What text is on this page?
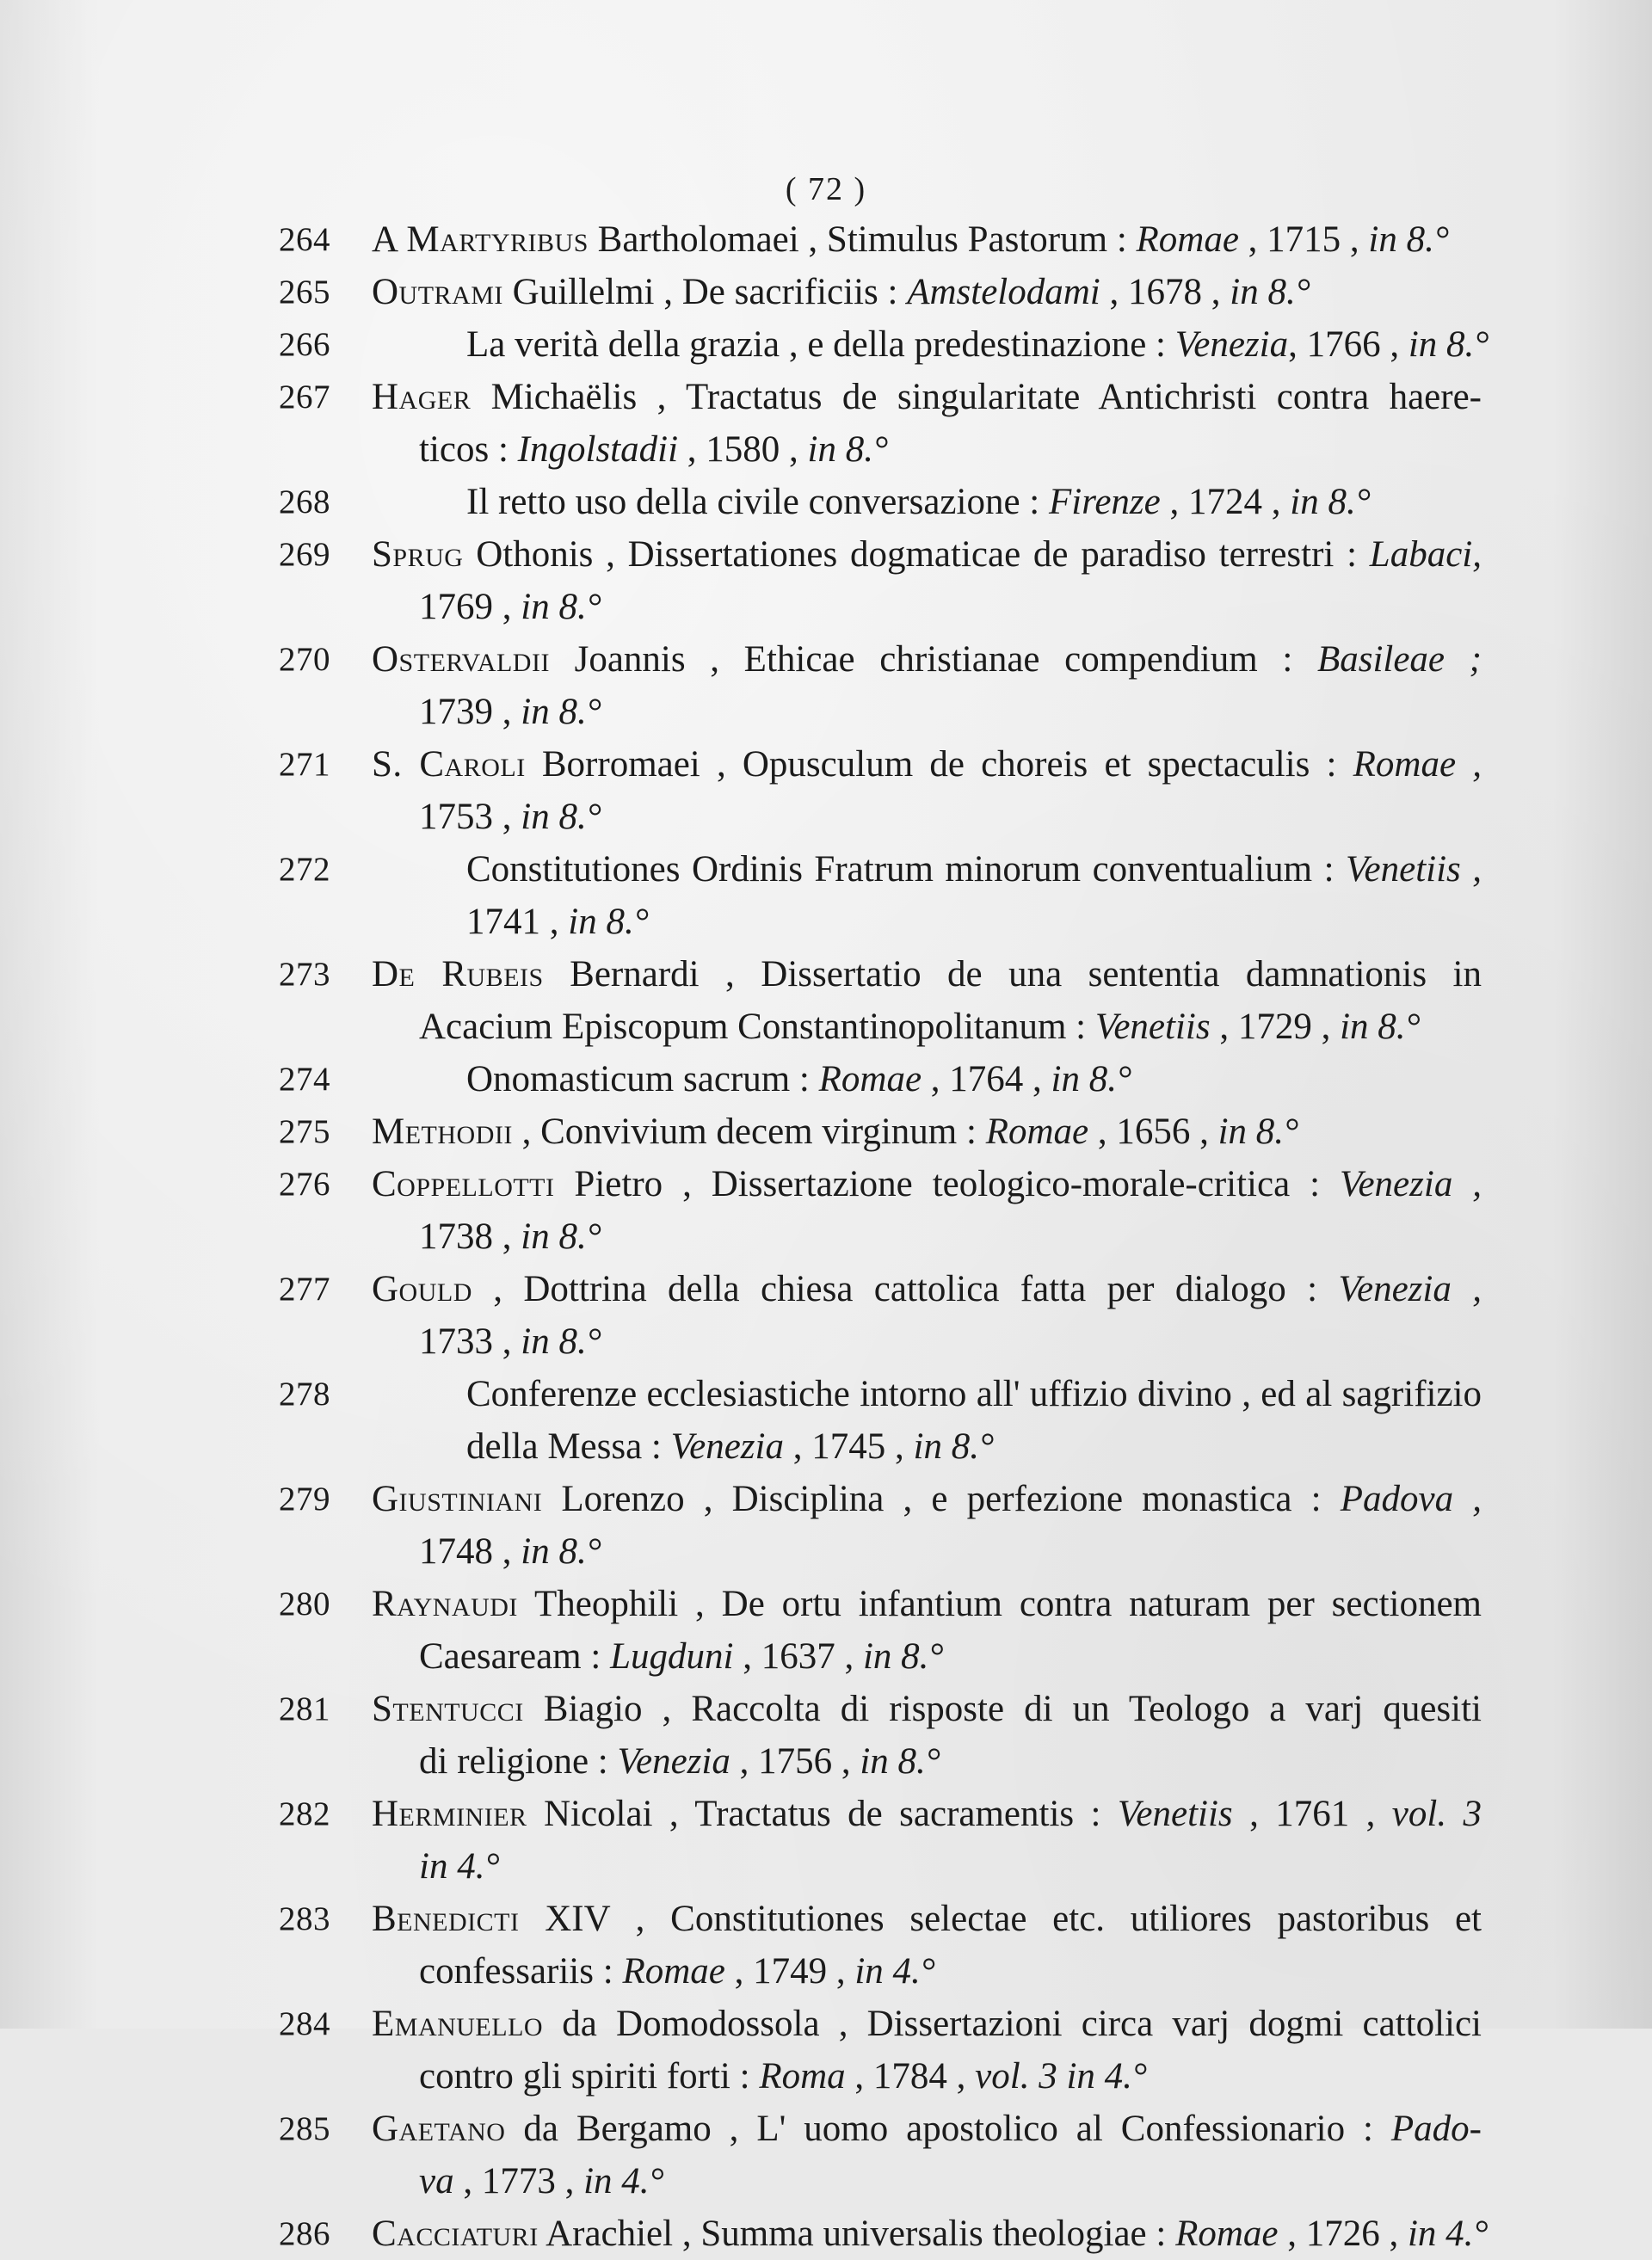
( 72 )
264	A Martyribus Bartholomaei , Stimulus Pastorum : Romae , 1715 , in 8.°
265	Outrami Guillelmi , De sacrificiis : Amstelodami , 1678 , in 8.°
266	La verità della grazia , e della predestinazione : Venezia, 1766 , in 8.°
267	Hager Michaëlis , Tractatus de singularitate Antichristi contra haere-
ticos : Ingolstadii , 1580 , in 8.°
268	Il retto uso della civile conversazione : Firenze , 1724 , in 8.°
269	Sprug Othonis , Dissertationes dogmaticae de paradiso terrestri : Labaci,
1769 , in 8.°
270	Ostervaldii Joannis , Ethicae christianae compendium : Basileae ;
1739 , in 8.°
271	S. Caroli Borromaei , Opusculum de choreis et spectaculis : Romae ,
1753 , in 8.°
272	Constitutiones Ordinis Fratrum minorum conventualium : Venetiis ,
1741 , in 8.°
273	De Rubeis Bernardi , Dissertatio de una sententia damnationis in
Acacium Episcopum Constantinopolitanum : Venetiis , 1729 , in 8.°
274	Onomasticum sacrum : Romae , 1764 , in 8.°
275	Methodii , Convivium decem virginum : Romae , 1656 , in 8.°
276	Coppellotti Pietro , Dissertazione teologico-morale-critica : Venezia ,
1738 , in 8.°
277	Gould , Dottrina della chiesa cattolica fatta per dialogo : Venezia ,
1733 , in 8.°
278	Conferenze ecclesiastiche intorno all' uffizio divino , ed al sagrifizio
della Messa : Venezia , 1745 , in 8.°
279	Giustiniani Lorenzo , Disciplina , e perfezione monastica : Padova ,
1748 , in 8.°
280	Raynaudi Theophili , De ortu infantium contra naturam per sectionem
Caesaream : Lugduni , 1637 , in 8.°
281	Stentucci Biagio , Raccolta di risposte di un Teologo a varj quesiti
di religione : Venezia , 1756 , in 8.°
282	Herminier Nicolai , Tractatus de sacramentis : Venetiis , 1761 , vol. 3
in 4.°
283	Benedicti XIV , Constitutiones selectae etc. utiliores pastoribus et
confessariis : Romae , 1749 , in 4.°
284	Emanuello da Domodossola , Dissertazioni circa varj dogmi cattolici
contro gli spiriti forti : Roma , 1784 , vol. 3 in 4.°
285	Gaetano da Bergamo , L' uomo apostolico al Confessionario : Pado-
va , 1773 , in 4.°
286	Cacciaturi Arachiel , Summa universalis theologiae : Romae , 1726 , in 4.°
